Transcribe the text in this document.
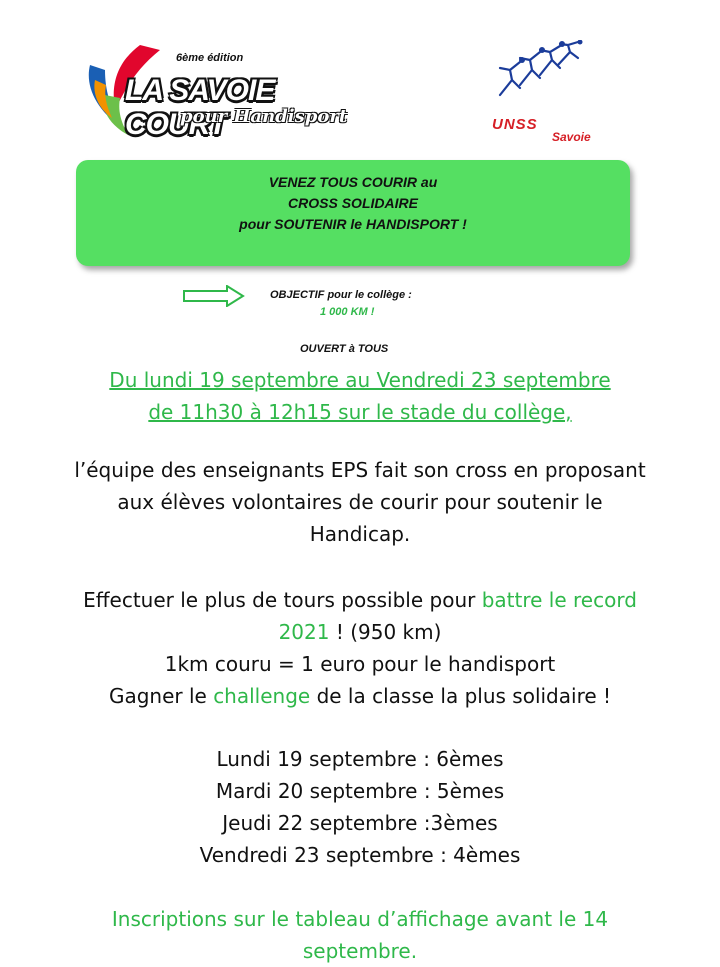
6ème édition
LA SAVOIE COURT
pour Handisport	UNSS
Savoie
VENEZ TOUS COURIR au
CROSS SOLIDAIRE
pour SOUTENIR le HANDISPORT !
OBJECTIF pour le collège :
1 000 KM !
OUVERT à TOUS

Du lundi 19 septembre au Vendredi 23 septembre

de 11h30 à 12h15 sur le stade du collège,

l’équipe des enseignants EPS fait son cross en proposant

aux élèves volontaires de courir pour soutenir le

Handicap.

Effectuer le plus de tours possible pour battre le record

2021 ! (950 km)

1km couru = 1 euro pour le handisport

Gagner le challenge de la classe la plus solidaire !

Lundi 19 septembre : 6èmes

Mardi 20 septembre : 5èmes

Jeudi 22 septembre :3èmes

Vendredi 23 septembre : 4èmes

Inscriptions sur le tableau d’affichage avant le 14

septembre.
